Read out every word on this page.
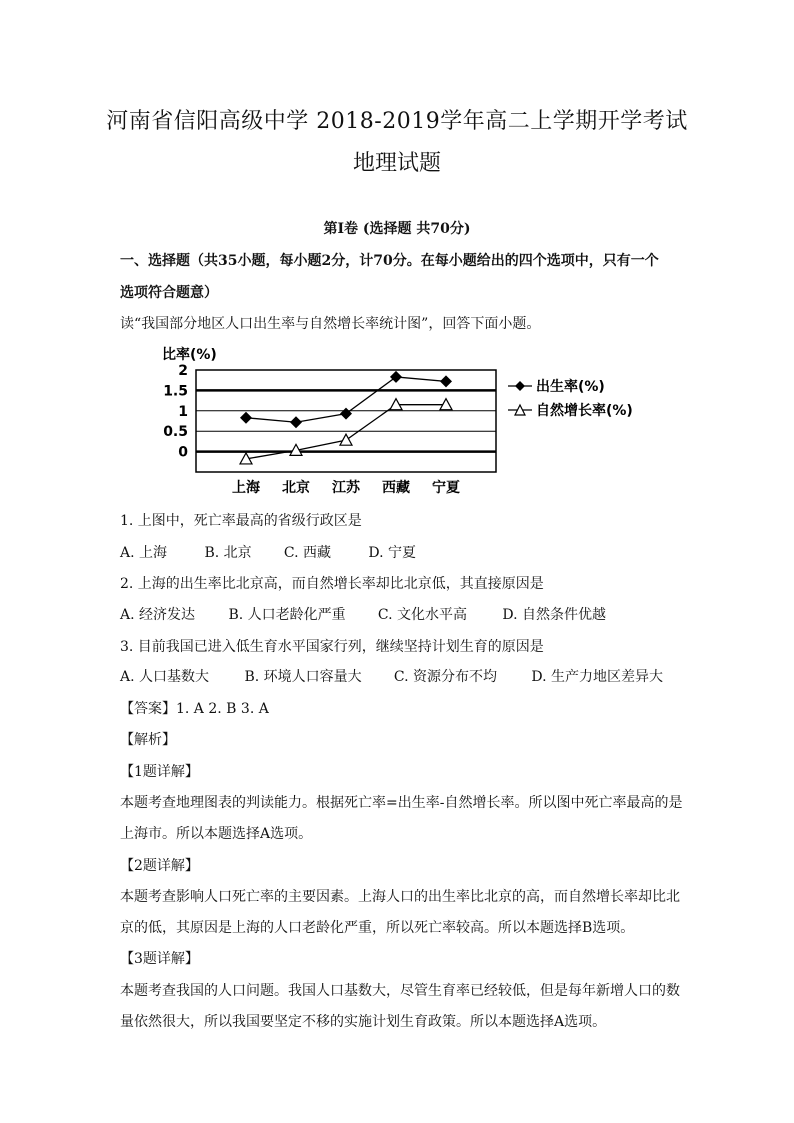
河南省信阳高级中学 2018-2019学年高二上学期开学考试
地理试题
第Ⅰ卷 (选择题 共70分)
一、选择题（共35小题，每小题2分，计70分。在每小题给出的四个选项中，只有一个
选项符合题意）
读“我国部分地区人口出生率与自然增长率统计图”，回答下面小题。
比率(%)
2
1.5
1
0.5
0
上海 北京 江苏 西藏 宁夏
出生率(%)
自然增长率(%)
1. 上图中，死亡率最高的省级行政区是
A. 上海	B. 北京 C. 西藏	D. 宁夏
2. 上海的出生率比北京高，而自然增长率却比北京低，其直接原因是
A. 经济发达 B. 人口老龄化严重 C. 文化水平高	D. 自然条件优越
3. 目前我国已进入低生育水平国家行列，继续坚持计划生育的原因是
A. 人口基数大	B. 环境人口容量大 C. 资源分布不均 D. 生产力地区差异大
【答案】1. A 2. B 3. A
【解析】
【1题详解】
本题考查地理图表的判读能力。根据死亡率=出生率-自然增长率。所以图中死亡率最高的是
上海市。所以本题选择A选项。
【2题详解】
本题考查影响人口死亡率的主要因素。上海人口的出生率比北京的高，而自然增长率却比北
京的低，其原因是上海的人口老龄化严重，所以死亡率较高。所以本题选择B选项。
【3题详解】
本题考查我国的人口问题。我国人口基数大，尽管生育率已经较低，但是每年新增人口的数
量依然很大，所以我国要坚定不移的实施计划生育政策。所以本题选择A选项。
